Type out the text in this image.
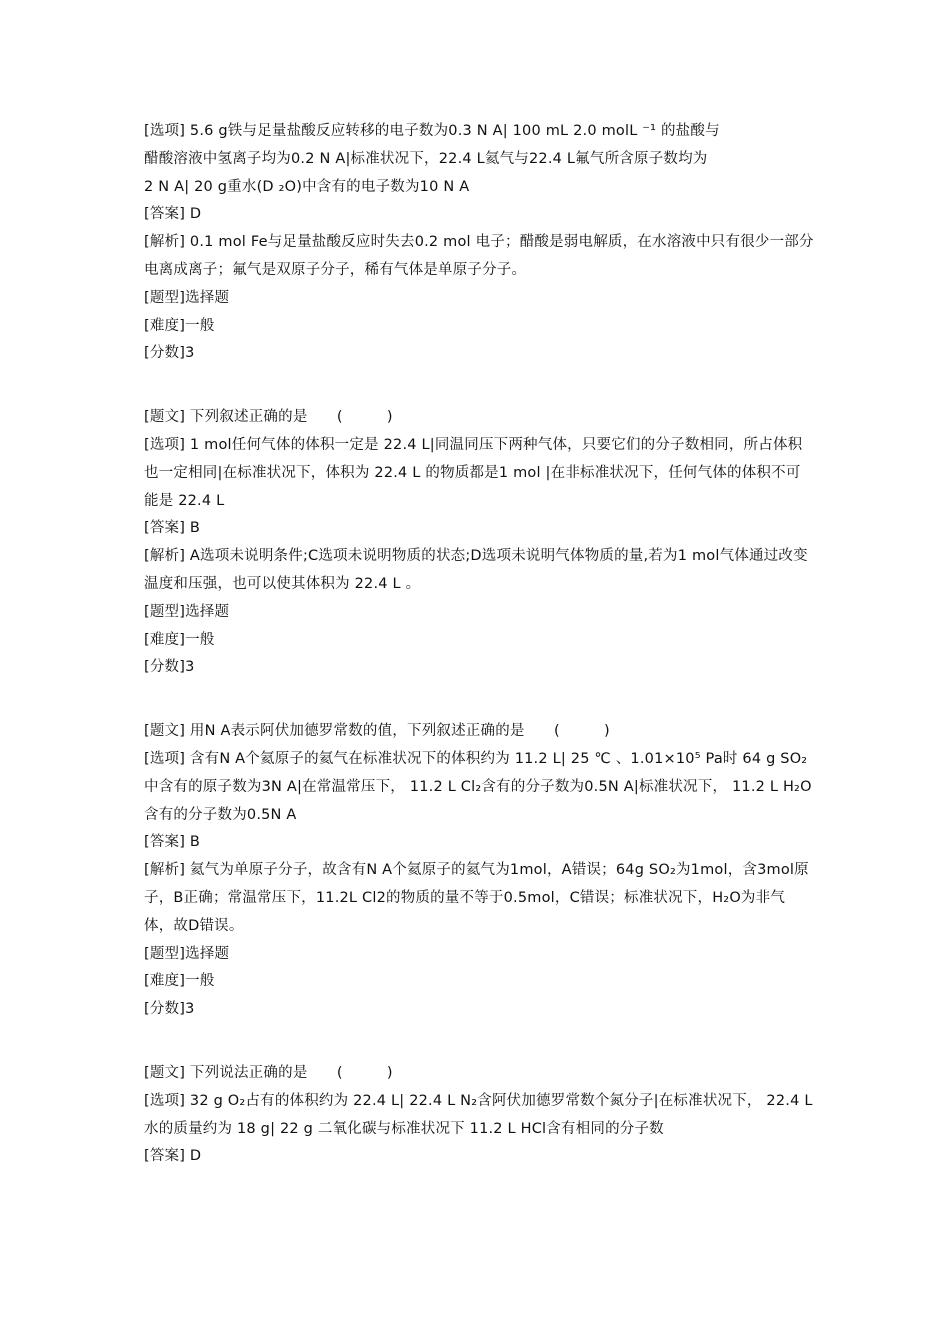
[选项] 5.6 g铁与足量盐酸反应转移的电子数为0.3 N A| 100 mL 2.0 molL ⁻¹ 的盐酸与
醋酸溶液中氢离子均为0.2 N A|标准状况下，22.4 L氦气与22.4 L氟气所含原子数均为
2 N A| 20 g重水(D ₂O)中含有的电子数为10 N A
[答案] D
[解析] 0.1 mol Fe与足量盐酸反应时失去0.2 mol 电子；醋酸是弱电解质，在水溶液中只有很少一部分电离成离子；氟气是双原子分子，稀有气体是单原子分子。
[题型]选择题
[难度]一般
[分数]3
[题文] 下列叙述正确的是　　(　　　)
[选项] 1 mol任何气体的体积一定是 22.4 L|同温同压下两种气体，只要它们的分子数相同，所占体积也一定相同|在标准状况下，体积为 22.4 L 的物质都是1 mol |在非标准状况下，任何气体的体积不可能是 22.4 L
[答案] B
[解析] A选项未说明条件;C选项未说明物质的状态;D选项未说明气体物质的量,若为1 mol气体通过改变温度和压强，也可以使其体积为 22.4 L 。
[题型]选择题
[难度]一般
[分数]3
[题文] 用N A表示阿伏加德罗常数的值，下列叙述正确的是　　(　　　)
[选项] 含有N A个氦原子的氦气在标准状况下的体积约为 11.2 L| 25 ℃ 、1.01×10⁵ Pa时 64 g SO₂中含有的原子数为3N A|在常温常压下， 11.2 L Cl₂含有的分子数为0.5N A|标准状况下， 11.2 L H₂O含有的分子数为0.5N A
[答案] B
[解析] 氦气为单原子分子，故含有N A个氦原子的氦气为1mol，A错误；64g SO₂为1mol，含3mol原子，B正确；常温常压下，11.2L Cl2的物质的量不等于0.5mol，C错误；标准状况下，H₂O为非气体，故D错误。
[题型]选择题
[难度]一般
[分数]3
[题文] 下列说法正确的是　　(　　　)
[选项] 32 g O₂占有的体积约为 22.4 L| 22.4 L N₂含阿伏加德罗常数个氮分子|在标准状况下， 22.4 L 水的质量约为 18 g| 22 g 二氧化碳与标准状况下 11.2 L HCl含有相同的分子数
[答案] D
